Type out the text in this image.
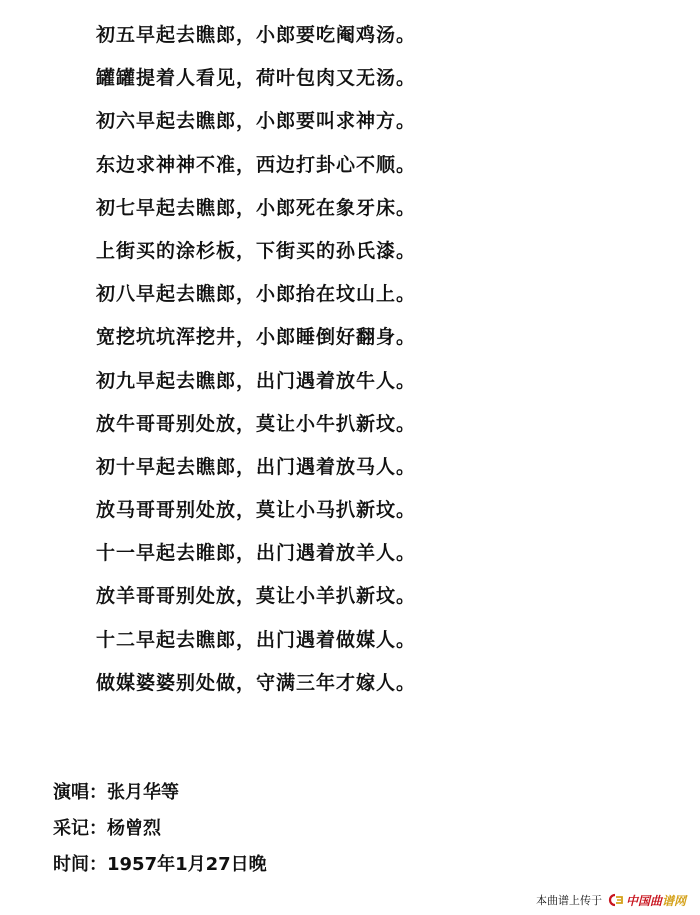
初五早起去瞧郎，小郎要吃阉鸡汤。
罐罐提着人看见，荷叶包肉又无汤。
初六早起去瞧郎，小郎要叫求神方。
东边求神神不准，西边打卦心不顺。
初七早起去瞧郎，小郎死在象牙床。
上街买的涂杉板，下街买的孙氏漆。
初八早起去瞧郎，小郎抬在坟山上。
宽挖坑坑浑挖井，小郎睡倒好翻身。
初九早起去瞧郎，出门遇着放牛人。
放牛哥哥别处放，莫让小牛扒新坟。
初十早起去瞧郎，出门遇着放马人。
放马哥哥别处放，莫让小马扒新坟。
十一早起去睢郎，出门遇着放羊人。
放羊哥哥别处放，莫让小羊扒新坟。
十二早起去瞧郎，出门遇着做媒人。
做媒婆婆别处做，守满三年才嫁人。
演唱：张月华等
采记：杨曾烈
时间：1957年1月27日晚
本曲谱上传于 中国曲谱网
